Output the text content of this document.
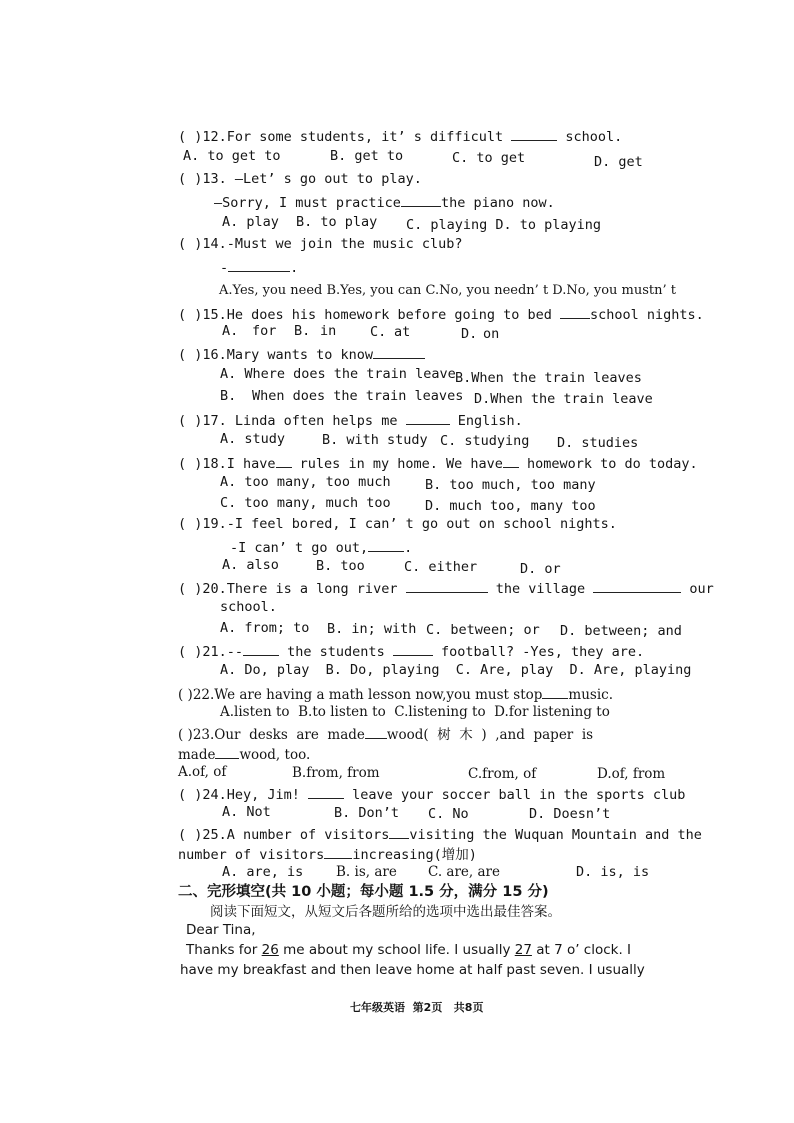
( )12.For some students, it’ s difficult	school.
A. to get to	B. get to	C. to get	D. get
( )13. —Let’ s go out to play.
—Sorry, I must practice	the piano now.
A. play B. to play C. playing D. to playing
( )14.-Must we join the music club?
-	.
A.Yes, you need B.Yes, you can C.No, you needn’ t D.No, you mustn’ t
( )15.He does his homework before going to bed school nights.
A. for B. in C. at	D. on
( )16.Mary wants to know
A. Where does the train leave B.When the train leaves
B. When does the train leaves D.When the train leave
( )17. Linda often helps me	English.
A. study	B. with study C. studying D. studies
( )18.I have rules in my home. We have homework to do today.
A. too many, too much	B. too much, too many
C. too many, much too	D. much too, many too
( )19.-I feel bored, I can’ t go out on school nights.
-I can’ t go out,	.
A. also	B. too	C. either	D. or
( )20.There is a long river	the village	our
school.
A. from; to B. in; with C. between; or D. between; and
( )21.--	the students	football? -Yes, they are.
A. Do, play  B. Do, playing  C. Are, play  D. Are, playing
( )22.We are having a math lesson now,you must stop music.
A.listen to  B.to listen to  C.listening to  D.for listening to
( )23.Our  desks  are  made wood(  树  木  )  ,and  paper  is
made wood, too.
A.of, of	B.from, from	C.from, of	D.of, from
( )24.Hey, Jim!	leave your soccer ball in the sports club
A. Not	B. Don’t C. No	D. Doesn’t
( )25.A number of visitors visiting the Wuquan Mountain and the
number of visitors increasing(增加)
A. are, is B. is, are C. are, are	D. is, is
二、完形填空(共 10 小题；每小题 1.5 分，满分 15 分)
阅读下面短文，从短文后各题所给的选项中选出最佳答案。
Dear Tina,
Thanks for 26 me about my school life. I usually 27 at 7 o’ clock. I
have my breakfast and then leave home at half past seven. I usually
七年级英语  第2页   共8页
